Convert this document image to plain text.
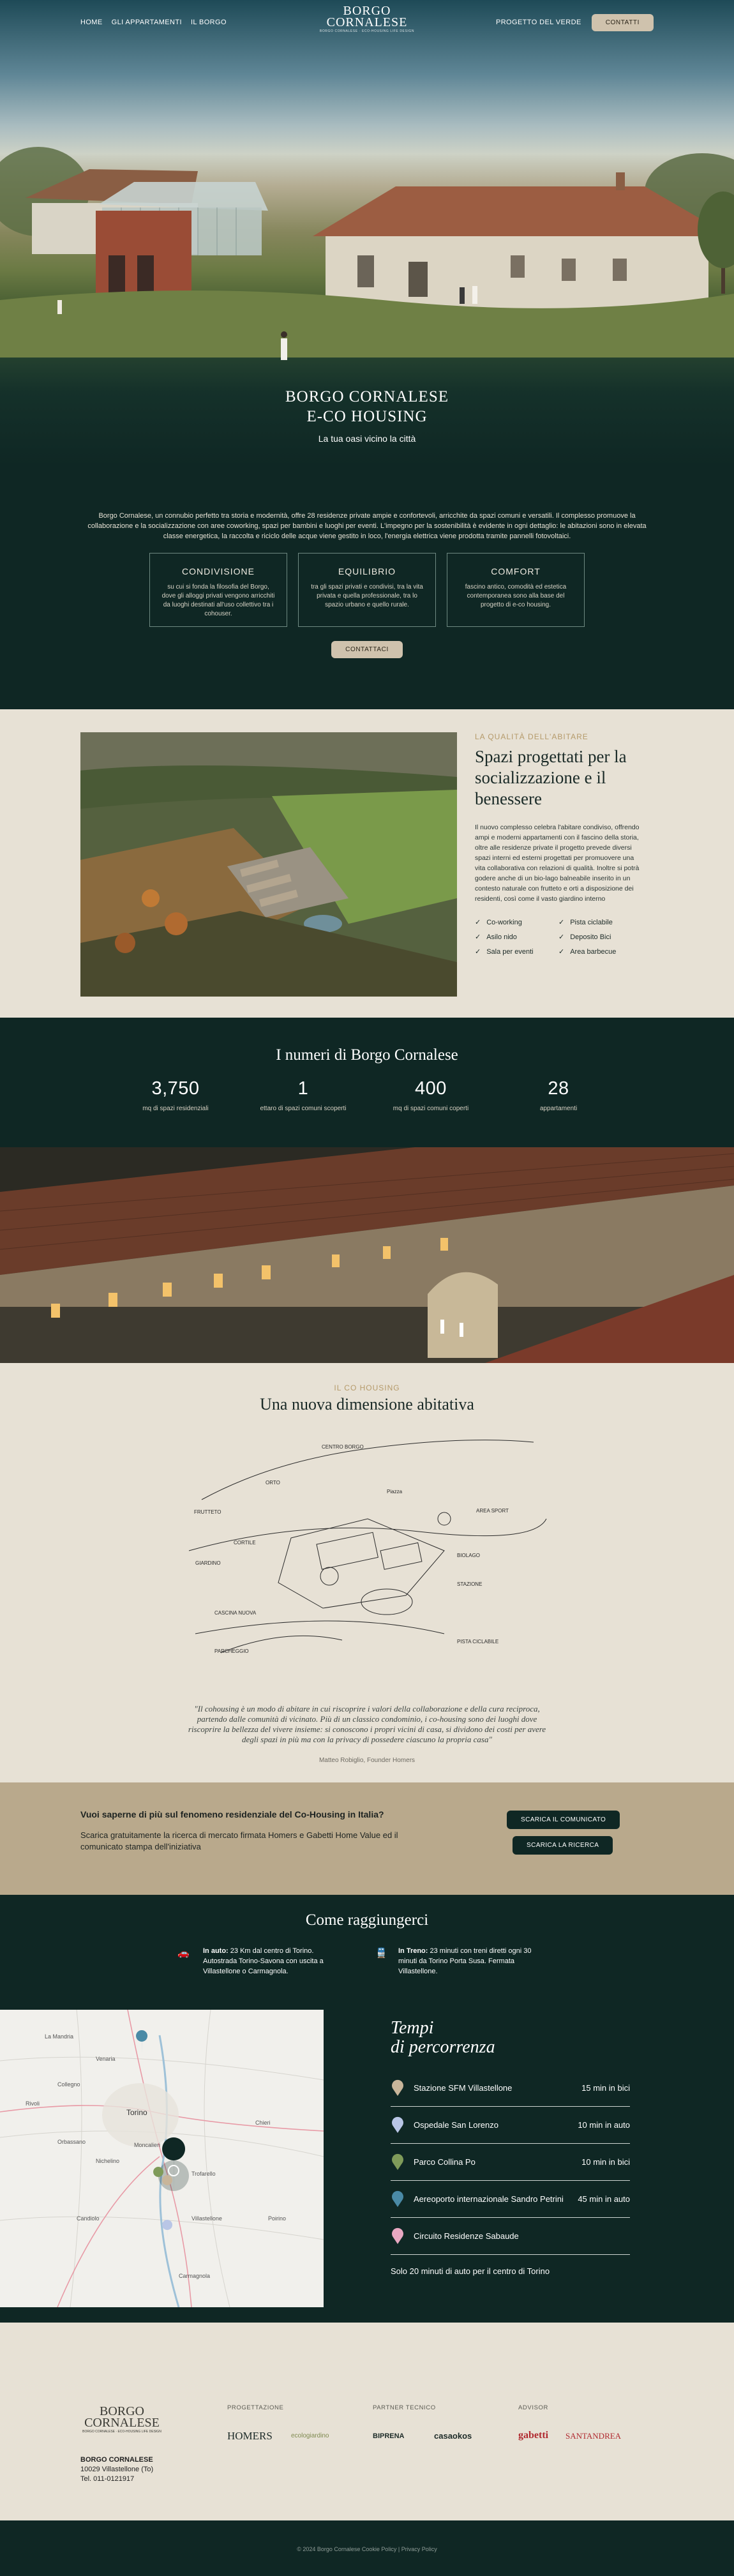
HOME GLI APPARTAMENTI IL BORGO
BORGO
CORNALESE
BORGO CORNALESE · ECO-HOUSING LIFE DESIGN
PROGETTO DEL VERDE	CONTATTI
BORGO CORNALESE
E-CO HOUSING
La tua oasi vicino la città

Borgo Cornalese, un connubio perfetto tra storia e modernità, offre 28 residenze private ampie e confortevoli, arricchite da spazi comuni e versatili. Il complesso promuove la collaborazione e la socializzazione con aree coworking, spazi per bambini e luoghi per eventi. L'impegno per la sostenibilità è evidente in ogni dettaglio: le abitazioni sono in elevata classe energetica, la raccolta e riciclo delle acque viene gestito in loco, l'energia elettrica viene prodotta tramite pannelli fotovoltaici.

CONDIVISIONE

su cui si fonda la filosofia del Borgo, dove gli alloggi privati vengono arricchiti da luoghi destinati all'uso collettivo tra i cohouser.

EQUILIBRIO

tra gli spazi privati e condivisi, tra la vita privata e quella professionale, tra lo spazio urbano e quello rurale.

COMFORT

fascino antico, comodità ed estetica contemporanea sono alla base del progetto di e-co housing.

CONTATTACI
LA QUALITÀ DELL'ABITARE
Spazi progettati per la socializzazione e il benessere

Il nuovo complesso celebra l'abitare condiviso, offrendo ampi e moderni appartamenti con il fascino della storia, oltre alle residenze private il progetto prevede diversi spazi interni ed esterni progettati per promuovere una vita collaborativa con relazioni di qualità. Inoltre si potrà godere anche di un bio-lago balneabile inserito in un contesto naturale con frutteto e orti a disposizione dei residenti, così come il vasto giardino interno

✓ Co-working	✓ Pista ciclabile
✓ Asilo nido	✓ Deposito Bici
✓ Sala per eventi	✓ Area barbecue
I numeri di Borgo Cornalese
3,750
mq di spazi residenziali
1
ettaro di spazi comuni scoperti
400
mq di spazi comuni coperti
28
appartamenti
IL CO HOUSING
Una nuova dimensione abitativa
CENTRO BORGO
ORTO
FRUTTETO
CASCINA NUOVA
CORTILE
Piazza
STAZIONE
PISTA CICLABILE
GIARDINO
BIOLAGO
AREA SPORT
PARCHEGGIO
"Il cohousing è un modo di abitare in cui riscoprire i valori della collaborazione e della cura reciproca, partendo dalle comunità di vicinato. Più di un classico condominio, i co-housing sono dei luoghi dove riscoprire la bellezza del vivere insieme: si conoscono i propri vicini di casa, si dividono dei costi per avere degli spazi in più ma con la privacy di possedere ciascuno la propria casa"
Matteo Robiglio, Founder Homers
Vuoi saperne di più sul fenomeno residenziale del Co-Housing in Italia?
Scarica gratuitamente la ricerca di mercato firmata Homers e Gabetti Home Value ed il comunicato stampa dell'iniziativa
SCARICA IL COMUNICATO
SCARICA LA RICERCA
Come raggiungerci
🚗 In auto: 23 Km dal centro di Torino. Autostrada Torino-Savona con uscita a Villastellone o Carmagnola.
🚆 In Treno: 23 minuti con treni diretti ogni 30 minuti da Torino Porta Susa. Fermata Villastellone.
Torino
Moncalieri
Nichelino
Orbassano
Rivoli
Collegno
Chieri
Trofarello
Carmagnola
Villastellone	Poirino
Candiolo
La Mandria
Venaria
Tempi
di percorrenza
Stazione SFM Villastellone	15 min in bici
Ospedale San Lorenzo	10 min in auto
Parco Collina Po	10 min in bici
Aereoporto internazionale Sandro Petrini	45 min in auto
Circuito Residenze Sabaude
Solo 20 minuti di auto per il centro di Torino
BORGO
CORNALESE
BORGO CORNALESE · ECO-HOUSING LIFE DESIGN
BORGO CORNALESE
10029 Villastellone (To)
Tel. 011-0121917
PROGETTAZIONE	PARTNER TECNICO	ADVISOR
HOMERS	ecologiardino	BIPRENA	casaokos	gabetti SANTANDREA
© 2024 Borgo Cornalese Cookie Policy | Privacy Policy
